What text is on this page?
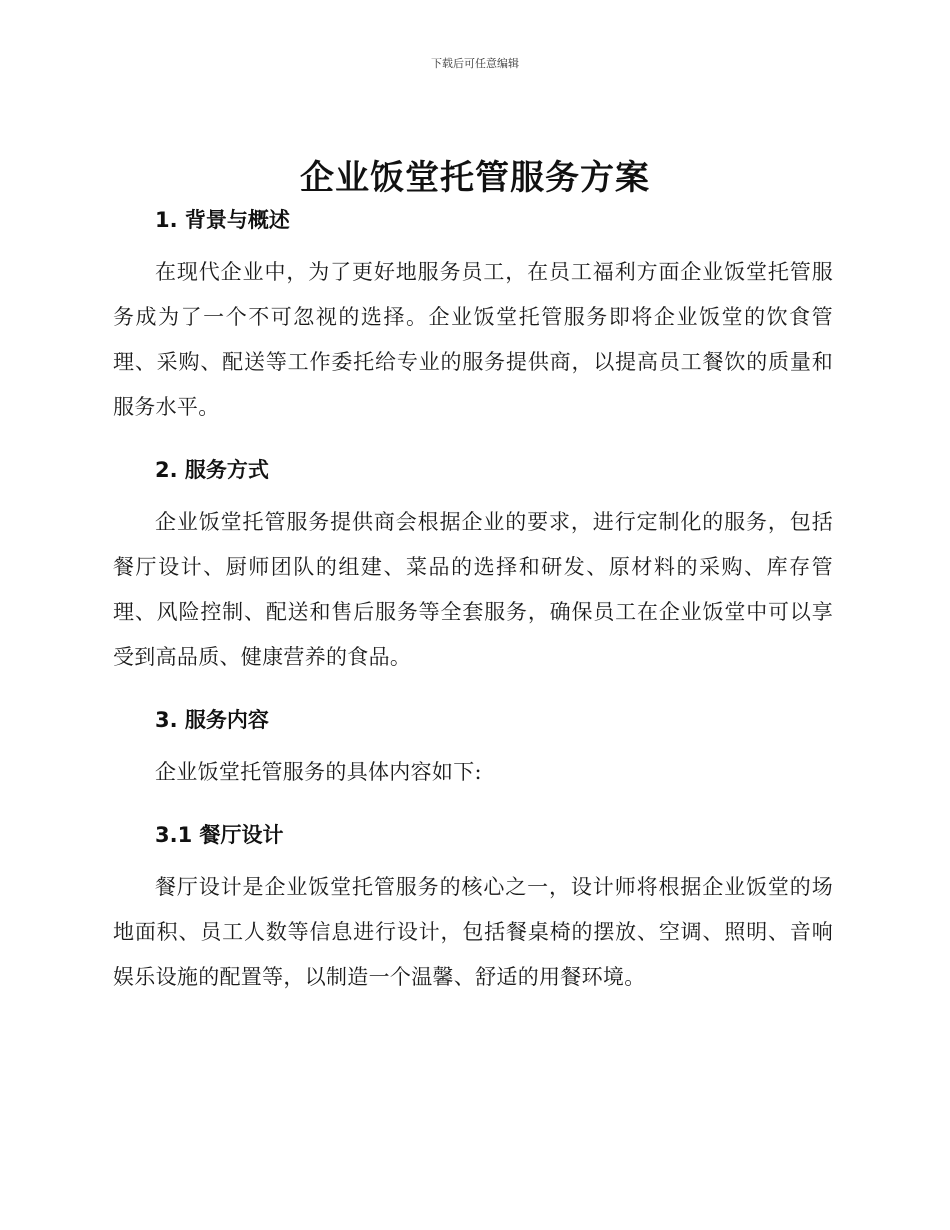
下载后可任意编辑
企业饭堂托管服务方案

1. 背景与概述

在现代企业中，为了更好地服务员工，在员工福利方面企业饭堂托管服务成为了一个不可忽视的选择。企业饭堂托管服务即将企业饭堂的饮食管理、采购、配送等工作委托给专业的服务提供商，以提高员工餐饮的质量和服务水平。

2. 服务方式

企业饭堂托管服务提供商会根据企业的要求，进行定制化的服务，包括餐厅设计、厨师团队的组建、菜品的选择和研发、原材料的采购、库存管理、风险控制、配送和售后服务等全套服务，确保员工在企业饭堂中可以享受到高品质、健康营养的食品。

3. 服务内容

企业饭堂托管服务的具体内容如下:

3.1 餐厅设计

餐厅设计是企业饭堂托管服务的核心之一，设计师将根据企业饭堂的场地面积、员工人数等信息进行设计，包括餐桌椅的摆放、空调、照明、音响娱乐设施的配置等，以制造一个温馨、舒适的用餐环境。
